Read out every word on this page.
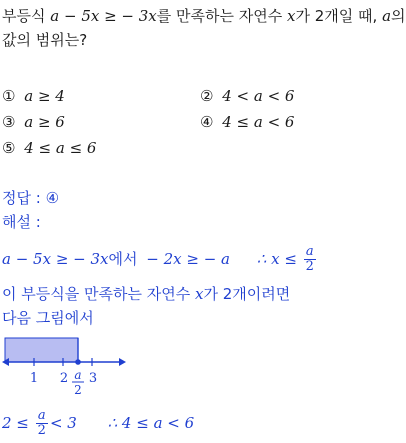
부등식 a − 5x ≥ − 3x를 만족하는 자연수 x가 2개일 때, a의
값의 범위는?
① a ≥ 4	② 4 < a < 6
③ a ≥ 6	④ 4 ≤ a < 6
⑤ 4 ≤ a ≤ 6
정답 : ④
해설 :
a − 5x ≥ − 3x에서 − 2x ≥ − a ∴ $x \le \frac{a}{2}$
이 부등식을 만족하는 자연수 x가 2개이려면
다음 그림에서
1 2 3
a
2
$2 \le \frac{a}{2} < 3$ ∴ 4 ≤ a < 6
